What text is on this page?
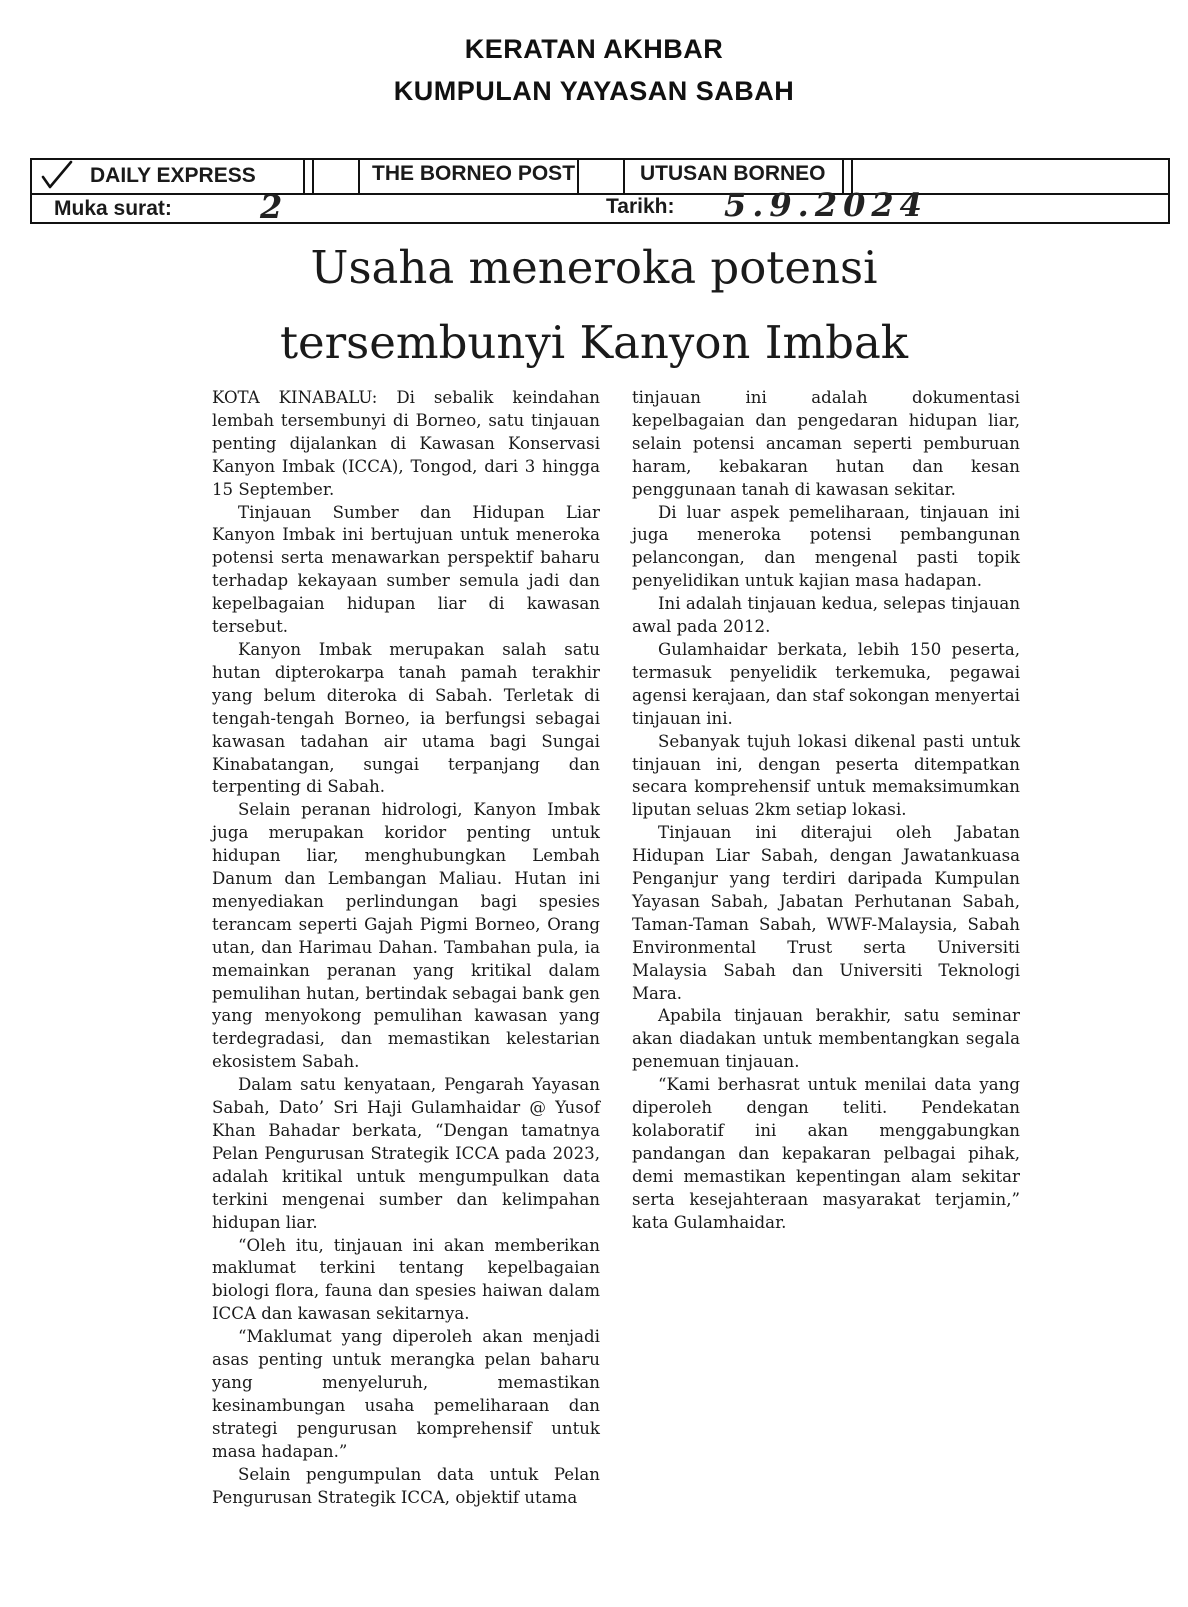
KERATAN AKHBAR
KUMPULAN YAYASAN SABAH
DAILY EXPRESS	THE BORNEO POST	UTUSAN BORNEO
Muka surat:	2	Tarikh: 5.9.2024
Usaha meneroka potensi
tersembunyi Kanyon Imbak

KOTA KINABALU: Di sebalik keindahan lembah tersembunyi di Borneo, satu tinjauan penting dijalankan di Kawasan Konservasi Kanyon Imbak (ICCA), Tongod, dari 3 hingga 15 September.

Tinjauan Sumber dan Hidupan Liar Kanyon Imbak ini bertujuan untuk meneroka potensi serta menawarkan perspektif baharu terhadap kekayaan sumber semula jadi dan kepelbagaian hidupan liar di kawasan tersebut.

Kanyon Imbak merupakan salah satu hutan dipterokarpa tanah pamah terakhir yang belum diteroka di Sabah. Terletak di tengah-tengah Borneo, ia berfungsi sebagai kawasan tadahan air utama bagi Sungai Kinabatangan, sungai terpanjang dan terpenting di Sabah.

Selain peranan hidrologi, Kanyon Imbak juga merupakan koridor penting untuk hidupan liar, menghubungkan Lembah Danum dan Lembangan Maliau. Hutan ini menyediakan perlindungan bagi spesies terancam seperti Gajah Pigmi Borneo, Orang utan, dan Harimau Dahan. Tambahan pula, ia memainkan peranan yang kritikal dalam pemulihan hutan, bertindak sebagai bank gen yang menyokong pemulihan kawasan yang terdegradasi, dan memastikan kelestarian ekosistem Sabah.

Dalam satu kenyataan, Pengarah Yayasan Sabah, Dato’ Sri Haji Gulamhaidar @ Yusof Khan Bahadar berkata, “Dengan tamatnya Pelan Pengurusan Strategik ICCA pada 2023, adalah kritikal untuk mengumpulkan data terkini mengenai sumber dan kelimpahan hidupan liar.

“Oleh itu, tinjauan ini akan memberikan maklumat terkini tentang kepelbagaian biologi flora, fauna dan spesies haiwan dalam ICCA dan kawasan sekitarnya.

“Maklumat yang diperoleh akan menjadi asas penting untuk merangka pelan baharu yang menyeluruh, memastikan kesinambungan usaha pemeliharaan dan strategi pengurusan komprehensif untuk masa hadapan.”

Selain pengumpulan data untuk Pelan Pengurusan Strategik ICCA, objektif utama

tinjauan ini adalah dokumentasi kepelbagaian dan pengedaran hidupan liar, selain potensi ancaman seperti pemburuan haram, kebakaran hutan dan kesan penggunaan tanah di kawasan sekitar.

Di luar aspek pemeliharaan, tinjauan ini juga meneroka potensi pembangunan pelancongan, dan mengenal pasti topik penyelidikan untuk kajian masa hadapan.

Ini adalah tinjauan kedua, selepas tinjauan awal pada 2012.

Gulamhaidar berkata, lebih 150 peserta, termasuk penyelidik terkemuka, pegawai agensi kerajaan, dan staf sokongan menyertai tinjauan ini.

Sebanyak tujuh lokasi dikenal pasti untuk tinjauan ini, dengan peserta ditempatkan secara komprehensif untuk memaksimumkan liputan seluas 2km setiap lokasi.

Tinjauan ini diterajui oleh Jabatan Hidupan Liar Sabah, dengan Jawatankuasa Penganjur yang terdiri daripada Kumpulan Yayasan Sabah, Jabatan Perhutanan Sabah, Taman-Taman Sabah, WWF-Malaysia, Sabah Environmental Trust serta Universiti Malaysia Sabah dan Universiti Teknologi Mara.

Apabila tinjauan berakhir, satu seminar akan diadakan untuk membentangkan segala penemuan tinjauan.

“Kami berhasrat untuk menilai data yang diperoleh dengan teliti. Pendekatan kolaboratif ini akan menggabungkan pandangan dan kepakaran pelbagai pihak, demi memastikan kepentingan alam sekitar serta kesejahteraan masyarakat terjamin,” kata Gulamhaidar.
